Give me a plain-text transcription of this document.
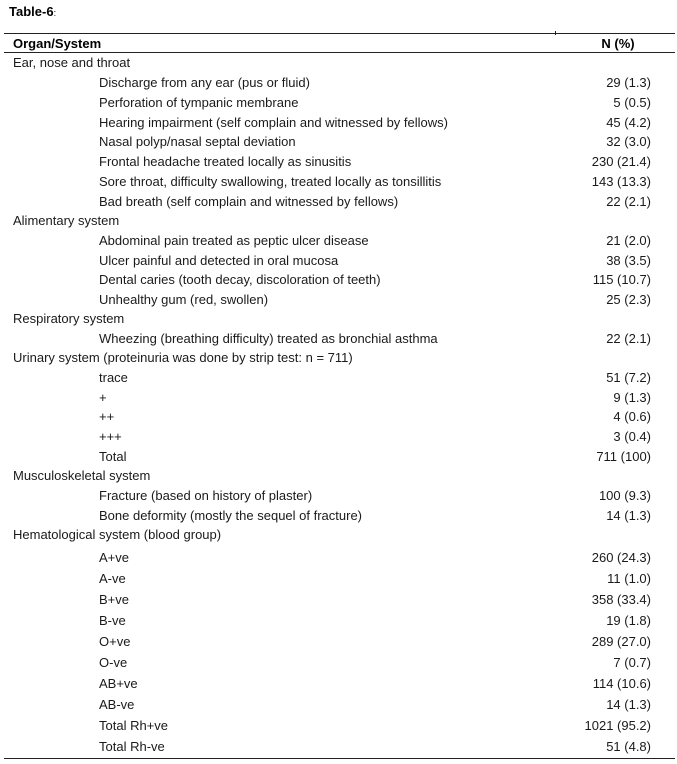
Table-6:
Organ/System	N (%)
Ear, nose and throat
Discharge from any ear (pus or fluid)	29 (1.3)
Perforation of tympanic membrane	5 (0.5)
Hearing impairment (self complain and witnessed by fellows)	45 (4.2)
Nasal polyp/nasal septal deviation	32 (3.0)
Frontal headache treated locally as sinusitis	230 (21.4)
Sore throat, difficulty swallowing, treated locally as tonsillitis	143 (13.3)
Bad breath (self complain and witnessed by fellows)	22 (2.1)
Alimentary system
Abdominal pain treated as peptic ulcer disease	21 (2.0)
Ulcer painful and detected in oral mucosa	38 (3.5)
Dental caries (tooth decay, discoloration of teeth)	115 (10.7)
Unhealthy gum (red, swollen)	25 (2.3)
Respiratory system
Wheezing (breathing difficulty) treated as bronchial asthma	22 (2.1)
Urinary system (proteinuria was done by strip test: n = 711)
trace	51 (7.2)
+	9 (1.3)
++	4 (0.6)
+++	3 (0.4)
Total	711 (100)
Musculoskeletal system
Fracture (based on history of plaster)	100 (9.3)
Bone deformity (mostly the sequel of fracture)	14 (1.3)
Hematological system (blood group)
A+ve	260 (24.3)
A-ve	11 (1.0)
B+ve	358 (33.4)
B-ve	19 (1.8)
O+ve	289 (27.0)
O-ve	7 (0.7)
AB+ve	114 (10.6)
AB-ve	14 (1.3)
Total Rh+ve	1021 (95.2)
Total Rh-ve	51 (4.8)
